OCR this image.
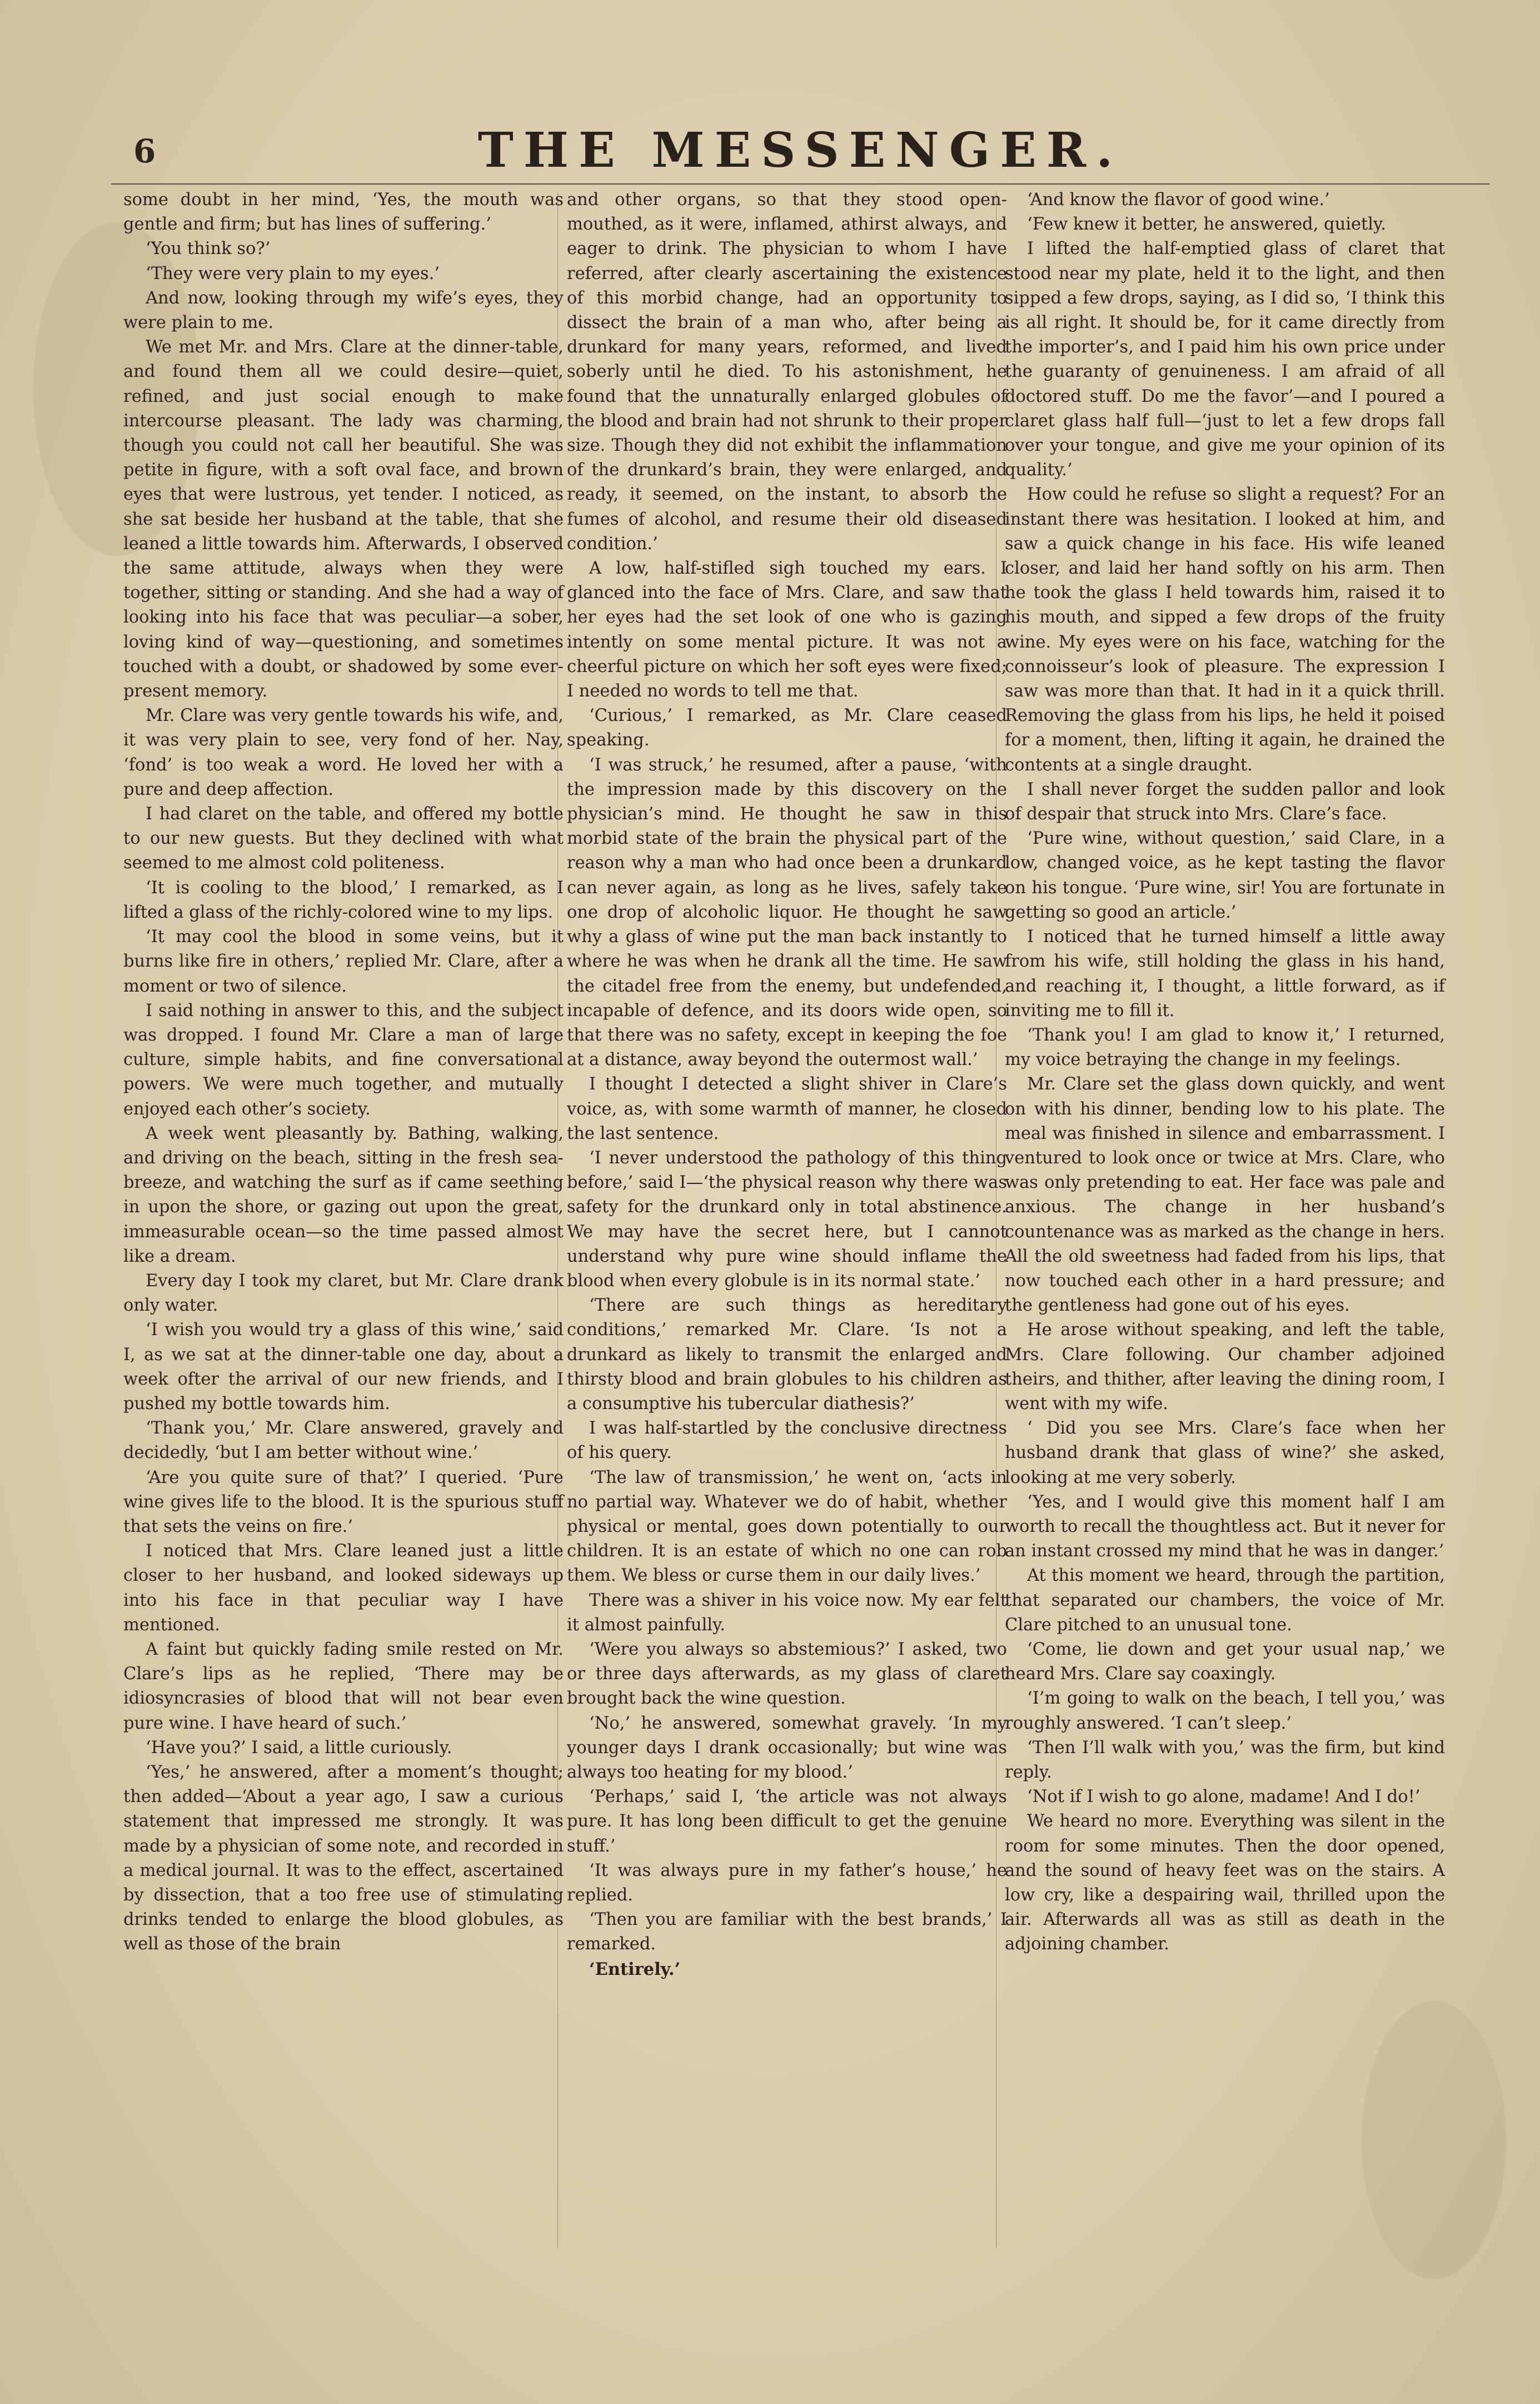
6	THE MESSENGER.

some doubt in her mind, ‘Yes, the mouth was gentle and firm; but has lines of suffering.’

‘You think so?’

‘They were very plain to my eyes.’

And now, looking through my wife’s eyes, they were plain to me.

We met Mr. and Mrs. Clare at the dinner-table, and found them all we could desire—quiet, refined, and just social enough to make intercourse pleasant. The lady was charming, though you could not call her beautiful. She was petite in figure, with a soft oval face, and brown eyes that were lustrous, yet tender. I noticed, as she sat beside her husband at the table, that she leaned a little towards him. Afterwards, I observed the same attitude, always when they were together, sitting or standing. And she had a way of looking into his face that was peculiar—a sober, loving kind of way—questioning, and sometimes touched with a doubt, or shadowed by some ever-present memory.

Mr. Clare was very gentle towards his wife, and, it was very plain to see, very fond of her. Nay, ‘fond’ is too weak a word. He loved her with a pure and deep affection.

I had claret on the table, and offered my bottle to our new guests. But they declined with what seemed to me almost cold politeness.

‘It is cooling to the blood,’ I remarked, as I lifted a glass of the richly-colored wine to my lips.

‘It may cool the blood in some veins, but it burns like fire in others,’ replied Mr. Clare, after a moment or two of silence.

I said nothing in answer to this, and the subject was dropped. I found Mr. Clare a man of large culture, simple habits, and fine conversational powers. We were much together, and mutually enjoyed each other’s society.

A week went pleasantly by. Bathing, walking, and driving on the beach, sitting in the fresh sea-breeze, and watching the surf as if came seething in upon the shore, or gazing out upon the great, immeasurable ocean—so the time passed almost like a dream.

Every day I took my claret, but Mr. Clare drank only water.

‘I wish you would try a glass of this wine,’ said I, as we sat at the dinner-table one day, about a week ofter the arrival of our new friends, and I pushed my bottle towards him.

‘Thank you,’ Mr. Clare answered, gravely and decidedly, ‘but I am better without wine.’

‘Are you quite sure of that?’ I queried. ‘Pure wine gives life to the blood. It is the spurious stuff that sets the veins on fire.’

I noticed that Mrs. Clare leaned just a little closer to her husband, and looked sideways up into his face in that peculiar way I have mentioned.

A faint but quickly fading smile rested on Mr. Clare’s lips as he replied, ‘There may be idiosyncrasies of blood that will not bear even pure wine. I have heard of such.’

‘Have you?’ I said, a little curiously.

‘Yes,’ he answered, after a moment’s thought; then added—‘About a year ago, I saw a curious statement that impressed me strongly. It was made by a physician of some note, and recorded in a medical journal. It was to the effect, ascertained by dissection, that a too free use of stimulating drinks tended to enlarge the blood globules, as well as those of the brain

and other organs, so that they stood open-mouthed, as it were, inflamed, athirst always, and eager to drink. The physician to whom I have referred, after clearly ascertaining the existence of this morbid change, had an opportunity to dissect the brain of a man who, after being a drunkard for many years, reformed, and lived soberly until he died. To his astonishment, he found that the unnaturally enlarged globules of the blood and brain had not shrunk to their proper size. Though they did not exhibit the inflammation of the drunkard’s brain, they were enlarged, and ready, it seemed, on the instant, to absorb the fumes of alcohol, and resume their old diseased condition.’

A low, half-stifled sigh touched my ears. I glanced into the face of Mrs. Clare, and saw that her eyes had the set look of one who is gazing intently on some mental picture. It was not a cheerful picture on which her soft eyes were fixed; I needed no words to tell me that.

‘Curious,’ I remarked, as Mr. Clare ceased speaking.

‘I was struck,’ he resumed, after a pause, ‘with the impression made by this discovery on the physician’s mind. He thought he saw in this morbid state of the brain the physical part of the reason why a man who had once been a drunkard can never again, as long as he lives, safely take one drop of alcoholic liquor. He thought he saw why a glass of wine put the man back instantly to where he was when he drank all the time. He saw the citadel free from the enemy, but undefended, incapable of defence, and its doors wide open, so that there was no safety, except in keeping the foe at a distance, away beyond the outermost wall.’

I thought I detected a slight shiver in Clare’s voice, as, with some warmth of manner, he closed the last sentence.

‘I never understood the pathology of this thing before,’ said I—‘the physical reason why there was safety for the drunkard only in total abstinence. We may have the secret here, but I cannot understand why pure wine should inflame the blood when every globule is in its normal state.’

‘There are such things as hereditary conditions,’ remarked Mr. Clare. ‘Is not a drunkard as likely to transmit the enlarged and thirsty blood and brain globules to his children as a consumptive his tubercular diathesis?’

I was half-startled by the conclusive directness of his query.

‘The law of transmission,’ he went on, ‘acts in no partial way. Whatever we do of habit, whether physical or mental, goes down potentially to our children. It is an estate of which no one can rob them. We bless or curse them in our daily lives.’

There was a shiver in his voice now. My ear felt it almost painfully.

‘Were you always so abstemious?’ I asked, two or three days afterwards, as my glass of claret brought back the wine question.

‘No,’ he answered, somewhat gravely. ‘In my younger days I drank occasionally; but wine was always too heating for my blood.’

‘Perhaps,’ said I, ‘the article was not always pure. It has long been difficult to get the genuine stuff.’

‘It was always pure in my father’s house,’ he replied.

‘Then you are familiar with the best brands,’ I remarked.

‘Entirely.’

‘And know the flavor of good wine.’

‘Few knew it better, he answered, quietly.

I lifted the half-emptied glass of claret that stood near my plate, held it to the light, and then sipped a few drops, saying, as I did so, ‘I think this is all right. It should be, for it came directly from the importer’s, and I paid him his own price under the guaranty of genuineness. I am afraid of all doctored stuff. Do me the favor’—and I poured a claret glass half full—‘just to let a few drops fall over your tongue, and give me your opinion of its quality.’

How could he refuse so slight a request? For an instant there was hesitation. I looked at him, and saw a quick change in his face. His wife leaned closer, and laid her hand softly on his arm. Then he took the glass I held towards him, raised it to his mouth, and sipped a few drops of the fruity wine. My eyes were on his face, watching for the connoisseur’s look of pleasure. The expression I saw was more than that. It had in it a quick thrill. Removing the glass from his lips, he held it poised for a moment, then, lifting it again, he drained the contents at a single draught.

I shall never forget the sudden pallor and look of despair that struck into Mrs. Clare’s face.

‘Pure wine, without question,’ said Clare, in a low, changed voice, as he kept tasting the flavor on his tongue. ‘Pure wine, sir! You are fortunate in getting so good an article.’

I noticed that he turned himself a little away from his wife, still holding the glass in his hand, and reaching it, I thought, a little forward, as if inviting me to fill it.

‘Thank you! I am glad to know it,’ I returned, my voice betraying the change in my feelings.

Mr. Clare set the glass down quickly, and went on with his dinner, bending low to his plate. The meal was finished in silence and embarrassment. I ventured to look once or twice at Mrs. Clare, who was only pretending to eat. Her face was pale and anxious. The change in her husband’s countenance was as marked as the change in hers. All the old sweetness had faded from his lips, that now touched each other in a hard pressure; and the gentleness had gone out of his eyes.

He arose without speaking, and left the table, Mrs. Clare following. Our chamber adjoined theirs, and thither, after leaving the dining room, I went with my wife.

‘ Did you see Mrs. Clare’s face when her husband drank that glass of wine?’ she asked, looking at me very soberly.

‘Yes, and I would give this moment half I am worth to recall the thoughtless act. But it never for an instant crossed my mind that he was in danger.’

At this moment we heard, through the partition, that separated our chambers, the voice of Mr. Clare pitched to an unusual tone.

‘Come, lie down and get your usual nap,’ we heard Mrs. Clare say coaxingly.

‘I’m going to walk on the beach, I tell you,’ was roughly answered. ‘I can’t sleep.’

‘Then I’ll walk with you,’ was the firm, but kind reply.

‘Not if I wish to go alone, madame! And I do!’

We heard no more. Everything was silent in the room for some minutes. Then the door opened, and the sound of heavy feet was on the stairs. A low cry, like a despairing wail, thrilled upon the air. Afterwards all was as still as death in the adjoining chamber.
